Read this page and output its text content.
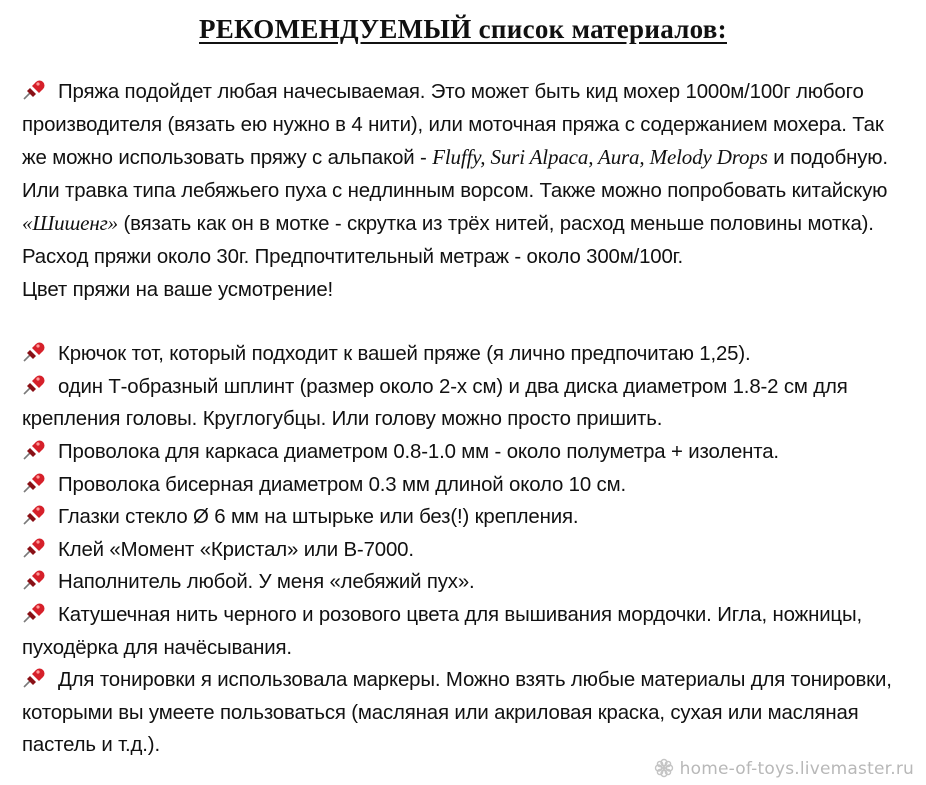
РЕКОМЕНДУЕМЫЙ список материалов:

Пряжа подойдет любая начесываемая. Это может быть кид мохер 1000м/100г любого производителя (вязать ею нужно в 4 нити), или моточная пряжа с содержанием мохера. Так же можно использовать пряжу с альпакой - Fluffy, Suri Alpaca, Aura, Melody Drops и подобную. Или травка типа лебяжьего пуха с недлинным ворсом. Также можно попробовать китайскую «Шишенг» (вязать как он в мотке - скрутка из трёх нитей, расход меньше половины мотка).

Расход пряжи около 30г. Предпочтительный метраж - около 300м/100г.

Цвет пряжи на ваше усмотрение!

Крючок тот, который подходит к вашей пряже (я лично предпочитаю 1,25).

один Т-образный шплинт (размер около 2-х см) и два диска диаметром 1.8-2 см для крепления головы. Круглогубцы. Или голову можно просто пришить.

Проволока для каркаса диаметром 0.8-1.0 мм - около полуметра + изолента.

Проволока бисерная диаметром 0.3 мм длиной около 10 см.

Глазки стекло Ø 6 мм на штырьке или без(!) крепления.

Клей «Момент «Кристал» или B-7000.

Наполнитель любой. У меня «лебяжий пух».

Катушечная нить черного и розового цвета для вышивания мордочки. Игла, ножницы, пуходёрка для начёсывания.

Для тонировки я использовала маркеры. Можно взять любые материалы для тонировки, которыми вы умеете пользоваться (масляная или акриловая краска, сухая или масляная пастель и т.д.).

home-of-toys.livemaster.ru
